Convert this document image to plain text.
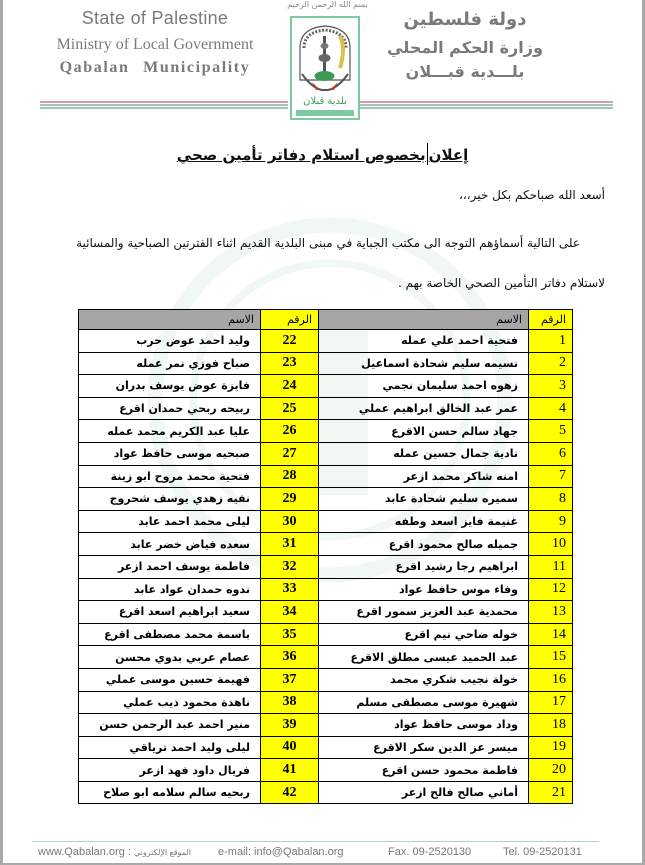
State of Palestine
Ministry of Local Government
Qabalan Municipality
بسم الله الرحمن الرحيم
بلدية قبلان
دولة فلسطين
وزارة الحكم المحلي
بلـــدية قبـــلان
إعلانبخصوص استلام دفاتر تأمين صحي
أسعد الله صباحكم بكل خير،،،
على التالية أسماؤهم التوجه الى مكتب الجباية في مبنى البلدية القديم اثناء الفترتين الصباحية والمسائية
لاستلام دفاتر التأمين الصحي الخاصة بهم .
الرقم	الاسم	الرقم	الاسم
1	فتحية احمد علي عمله	22	وليد احمد عوض حرب
2	نسيمه سليم شحادة اسماعيل	23	صباح فوزي نمر عمله
3	زهوه احمد سليمان نجمي	24	فايزة عوض يوسف بدران
4	عمر عبد الخالق ابراهيم عملي	25	ربيحه ربحي حمدان اقرع
5	جهاد سالم حسن الاقرع	26	عليا عبد الكريم محمد عمله
6	نادية جمال حسين عمله	27	صبحيه موسى حافظ عواد
7	امنه شاكر محمد ازعر	28	فتحية محمد مروح ابو زينة
8	سميره سليم شحادة عابد	29	نفيه زهدي يوسف شحروج
9	غنيمة فايز اسعد وطفه	30	ليلى محمد احمد عابد
10	جميله صالح محمود اقرع	31	سعده فياض خضر عابد
11	ابراهيم رجا رشيد اقرع	32	فاطمة يوسف احمد ازعر
12	وفاء موس حافظ عواد	33	ندوه حمدان عواد عابد
13	محمدية عبد العزيز سمور اقرع	34	سعيد ابراهيم اسعد اقرع
14	خوله ضاحي نيم اقرع	35	باسمة محمد مصطفى اقرع
15	عبد الحميد عيسى مطلق الاقرع	36	عصام عربي بدوي محسن
16	خولة نجيب شكري محمد	37	فهيمة حسين موسى عملي
17	شهيرة موسى مصطفى مسلم	38	ناهدة محمود ذيب عملي
18	وداد موسى حافظ عواد	39	منير احمد عبد الرحمن حسن
19	ميسر عز الدين سكر الاقرع	40	ليلى وليد احمد ترياقي
20	فاطمة محمود حسن اقرع	41	فريال داود فهد ازعر
21	أماني صالح فالح ازعر	42	ربحيه سالم سلامه ابو صلاح
www.Qabalan.org : الموقع الإلكتروني e-mail: info@Qabalan.org	Fax. 09-2520130	Tel. 09-2520131
